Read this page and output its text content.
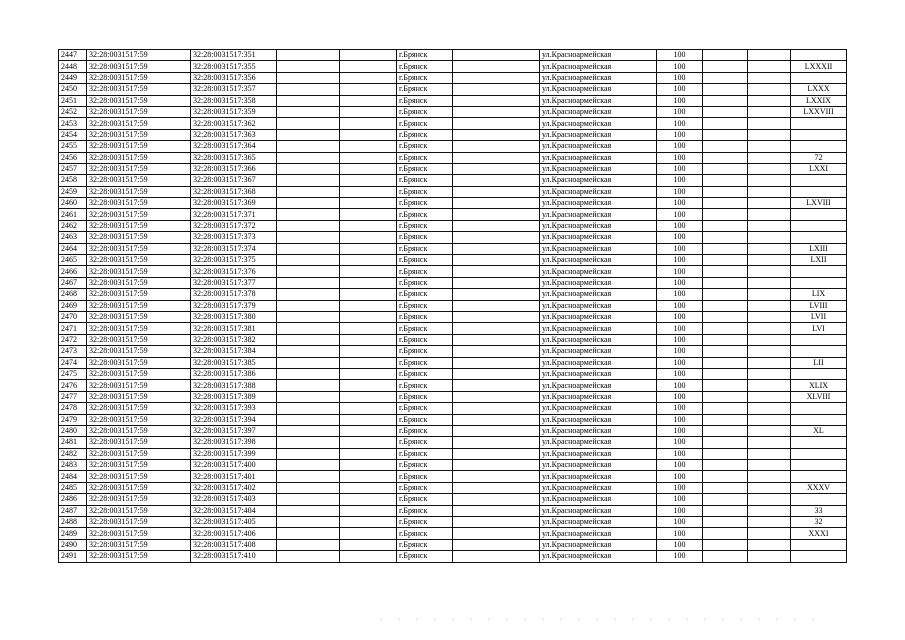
2447	32:28:0031517:59	32:28:0031517:351			г.Брянск		ул.Красноармейская	100			
2448	32:28:0031517:59	32:28:0031517:355			г.Брянск		ул.Красноармейская	100			LXXXII
2449	32:28:0031517:59	32:28:0031517:356			г.Брянск		ул.Красноармейская	100			
2450	32:28:0031517:59	32:28:0031517:357			г.Брянск		ул.Красноармейская	100			LXXX
2451	32:28:0031517:59	32:28:0031517:358			г.Брянск		ул.Красноармейская	100			LXXIX
2452	32:28:0031517:59	32:28:0031517:359			г.Брянск		ул.Красноармейская	100			LXXVIII
2453	32:28:0031517:59	32:28:0031517:362			г.Брянск		ул.Красноармейская	100			
2454	32:28:0031517:59	32:28:0031517:363			г.Брянск		ул.Красноармейская	100			
2455	32:28:0031517:59	32:28:0031517:364			г.Брянск		ул.Красноармейская	100			
2456	32:28:0031517:59	32:28:0031517:365			г.Брянск		ул.Красноармейская	100			72
2457	32:28:0031517:59	32:28:0031517:366			г.Брянск		ул.Красноармейская	100			LXXI
2458	32:28:0031517:59	32:28:0031517:367			г.Брянск		ул.Красноармейская	100			
2459	32:28:0031517:59	32:28:0031517:368			г.Брянск		ул.Красноармейская	100			
2460	32:28:0031517:59	32:28:0031517:369			г.Брянск		ул.Красноармейская	100			LXVIII
2461	32:28:0031517:59	32:28:0031517:371			г.Брянск		ул.Красноармейская	100			
2462	32:28:0031517:59	32:28:0031517:372			г.Брянск		ул.Красноармейская	100			
2463	32:28:0031517:59	32:28:0031517:373			г.Брянск		ул.Красноармейская	100			
2464	32:28:0031517:59	32:28:0031517:374			г.Брянск		ул.Красноармейская	100			LXIII
2465	32:28:0031517:59	32:28:0031517:375			г.Брянск		ул.Красноармейская	100			LXII
2466	32:28:0031517:59	32:28:0031517:376			г.Брянск		ул.Красноармейская	100			
2467	32:28:0031517:59	32:28:0031517:377			г.Брянск		ул.Красноармейская	100			
2468	32:28:0031517:59	32:28:0031517:378			г.Брянск		ул.Красноармейская	100			LIX
2469	32:28:0031517:59	32:28:0031517:379			г.Брянск		ул.Красноармейская	100			LVIII
2470	32:28:0031517:59	32:28:0031517:380			г.Брянск		ул.Красноармейская	100			LVII
2471	32:28:0031517:59	32:28:0031517:381			г.Брянск		ул.Красноармейская	100			LVI
2472	32:28:0031517:59	32:28:0031517:382			г.Брянск		ул.Красноармейская	100			
2473	32:28:0031517:59	32:28:0031517:384			г.Брянск		ул.Красноармейская	100			
2474	32:28:0031517:59	32:28:0031517:385			г.Брянск		ул.Красноармейская	100			LII
2475	32:28:0031517:59	32:28:0031517:386			г.Брянск		ул.Красноармейская	100			
2476	32:28:0031517:59	32:28:0031517:388			г.Брянск		ул.Красноармейская	100			XLIX
2477	32:28:0031517:59	32:28:0031517:389			г.Брянск		ул.Красноармейская	100			XLVIII
2478	32:28:0031517:59	32:28:0031517:393			г.Брянск		ул.Красноармейская	100			
2479	32:28:0031517:59	32:28:0031517:394			г.Брянск		ул.Красноармейская	100			
2480	32:28:0031517:59	32:28:0031517:397			г.Брянск		ул.Красноармейская	100			XL
2481	32:28:0031517:59	32:28:0031517:398			г.Брянск		ул.Красноармейская	100			
2482	32:28:0031517:59	32:28:0031517:399			г.Брянск		ул.Красноармейская	100			
2483	32:28:0031517:59	32:28:0031517:400			г.Брянск		ул.Красноармейская	100			
2484	32:28:0031517:59	32:28:0031517:401			г.Брянск		ул.Красноармейская	100			
2485	32:28:0031517:59	32:28:0031517:402			г.Брянск		ул.Красноармейская	100			XXXV
2486	32:28:0031517:59	32:28:0031517:403			г.Брянск		ул.Красноармейская	100			
2487	32:28:0031517:59	32:28:0031517:404			г.Брянск		ул.Красноармейская	100			33
2488	32:28:0031517:59	32:28:0031517:405			г.Брянск		ул.Красноармейская	100			32
2489	32:28:0031517:59	32:28:0031517:406			г.Брянск		ул.Красноармейская	100			XXXI
2490	32:28:0031517:59	32:28:0031517:408			г.Брянск		ул.Красноармейская	100			
2491	32:28:0031517:59	32:28:0031517:410			г.Брянск		ул.Красноармейская	100			
